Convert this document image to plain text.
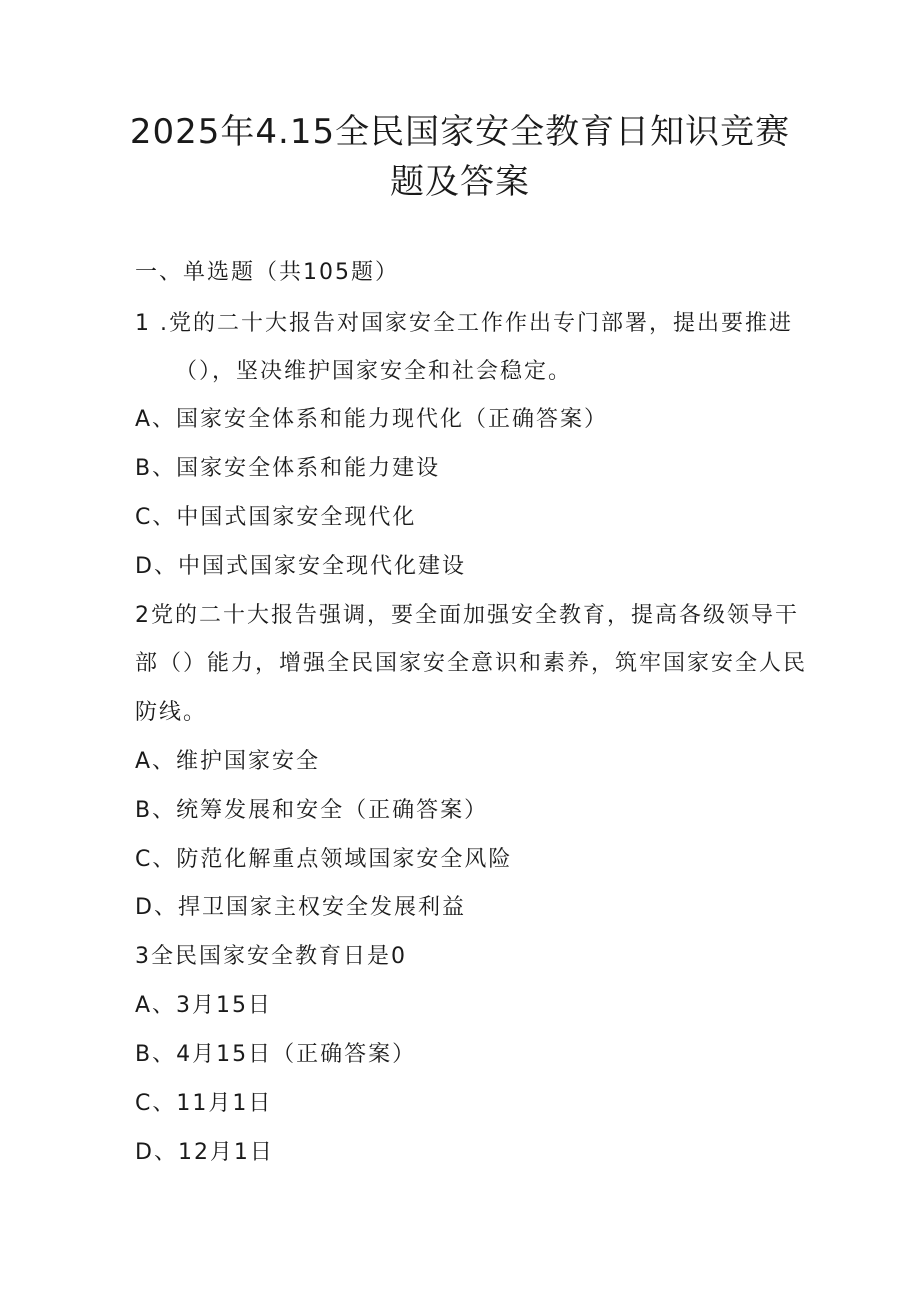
2025年4.15全民国家安全教育日知识竞赛
题及答案
一、单选题（共105题）
1 .党的二十大报告对国家安全工作作出专门部署，提出要推进
（），坚决维护国家安全和社会稳定。
A、国家安全体系和能力现代化（正确答案）
B、国家安全体系和能力建设
C、中国式国家安全现代化
D、中国式国家安全现代化建设
2党的二十大报告强调，要全面加强安全教育，提高各级领导干
部（）能力，增强全民国家安全意识和素养，筑牢国家安全人民
防线。
A、维护国家安全
B、统筹发展和安全（正确答案）
C、防范化解重点领域国家安全风险
D、捍卫国家主权安全发展利益
3全民国家安全教育日是0
A、3月15日
B、4月15日（正确答案）
C、11月1日
D、12月1日
